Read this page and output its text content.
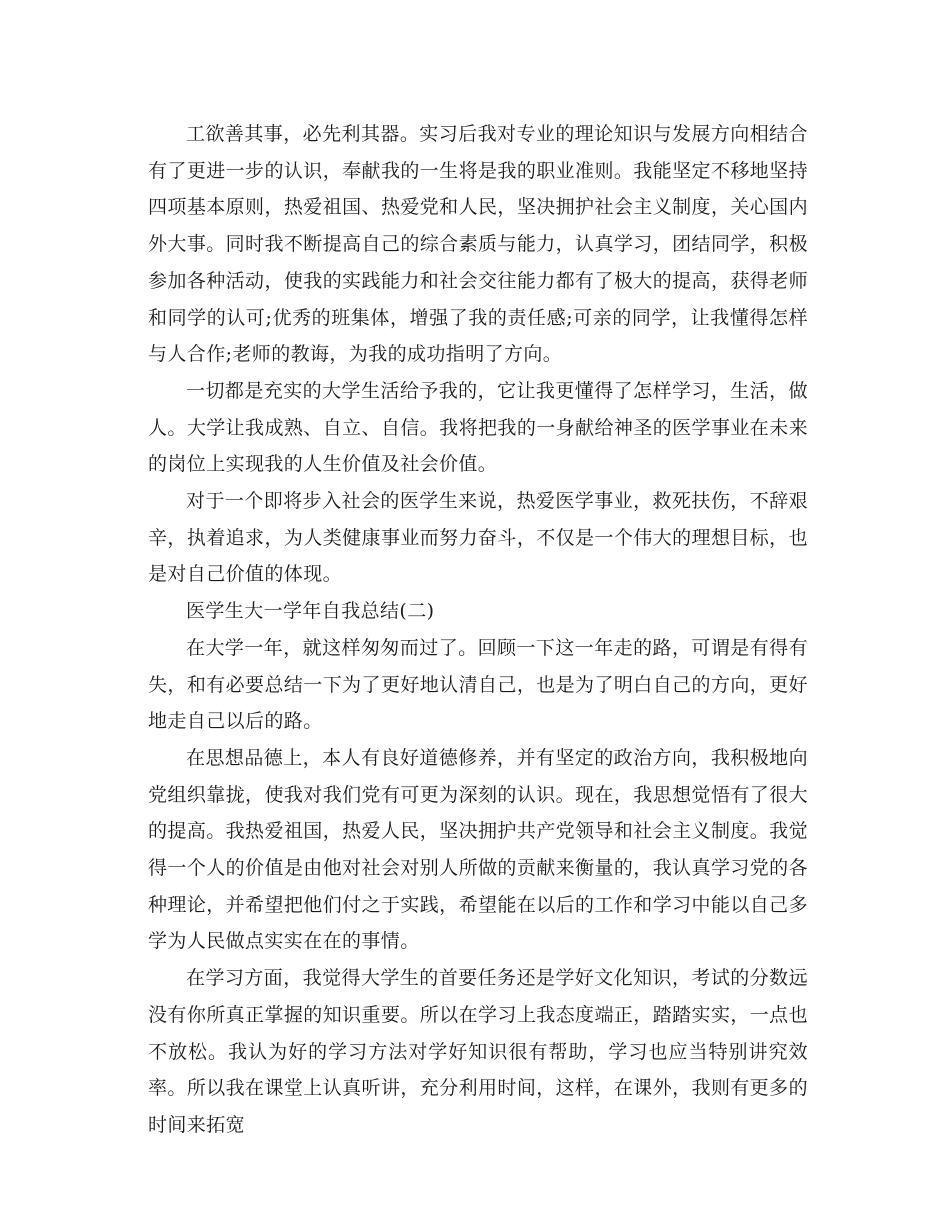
工欲善其事，必先利其器。实习后我对专业的理论知识与发展方向相结合有了更进一步的认识，奉献我的一生将是我的职业准则。我能坚定不移地坚持四项基本原则，热爱祖国、热爱党和人民，坚决拥护社会主义制度，关心国内外大事。同时我不断提高自己的综合素质与能力，认真学习，团结同学，积极参加各种活动，使我的实践能力和社会交往能力都有了极大的提高，获得老师和同学的认可;优秀的班集体，增强了我的责任感;可亲的同学，让我懂得怎样与人合作;老师的教诲，为我的成功指明了方向。

一切都是充实的大学生活给予我的，它让我更懂得了怎样学习，生活，做人。大学让我成熟、自立、自信。我将把我的一身献给神圣的医学事业在未来的岗位上实现我的人生价值及社会价值。

对于一个即将步入社会的医学生来说，热爱医学事业，救死扶伤，不辞艰辛，执着追求，为人类健康事业而努力奋斗，不仅是一个伟大的理想目标，也是对自己价值的体现。

医学生大一学年自我总结(二)

在大学一年，就这样匆匆而过了。回顾一下这一年走的路，可谓是有得有失，和有必要总结一下为了更好地认清自己，也是为了明白自己的方向，更好地走自己以后的路。

在思想品德上，本人有良好道德修养，并有坚定的政治方向，我积极地向党组织靠拢，使我对我们党有可更为深刻的认识。现在，我思想觉悟有了很大的提高。我热爱祖国，热爱人民，坚决拥护共产党领导和社会主义制度。我觉得一个人的价值是由他对社会对别人所做的贡献来衡量的，我认真学习党的各种理论，并希望把他们付之于实践，希望能在以后的工作和学习中能以自己多学为人民做点实实在在的事情。

在学习方面，我觉得大学生的首要任务还是学好文化知识，考试的分数远没有你所真正掌握的知识重要。所以在学习上我态度端正，踏踏实实，一点也不放松。我认为好的学习方法对学好知识很有帮助，学习也应当特别讲究效率。所以我在课堂上认真听讲，充分利用时间，这样，在课外，我则有更多的时间来拓宽
